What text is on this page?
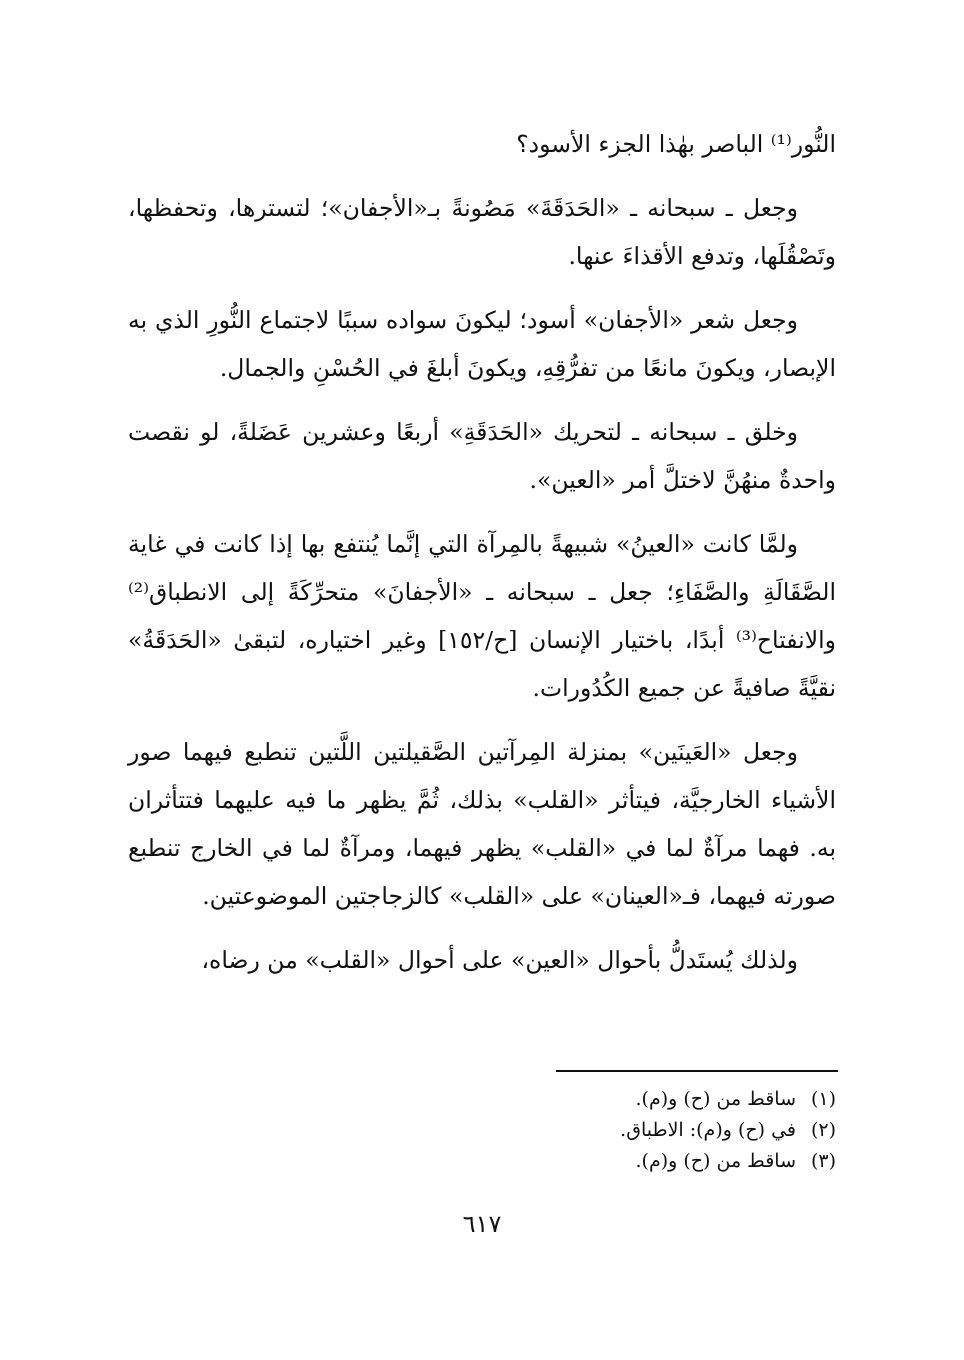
النُّور⁽¹⁾ الباصر بهٰذا الجزء الأسود؟

وجعل ـ سبحانه ـ «الحَدَقَةَ» مَصُونةً بـ«الأجفان»؛ لتسترها، وتحفظها، وتَصْقُلَها، وتدفع الأقذاءَ عنها.

وجعل شعر «الأجفان» أسود؛ ليكونَ سواده سببًا لاجتماع النُّورِ الذي به الإبصار، ويكونَ مانعًا من تفرُّقِهِ، ويكونَ أبلغَ في الحُسْنِ والجمال.

وخلق ـ سبحانه ـ لتحريك «الحَدَقَةِ» أربعًا وعشرين عَضَلةً، لو نقصت واحدةٌ منهُنَّ لاختلَّ أمر «العين».

ولمَّا كانت «العينُ» شبيهةً بالمِرآة التي إنَّما يُنتفع بها إذا كانت في غاية الصَّقَالَةِ والصَّفَاءِ؛ جعل ـ سبحانه ـ «الأجفانَ» متحرِّكَةً إلى الانطباق⁽²⁾ والانفتاح⁽³⁾ أبدًا، باختيار الإنسان [ح/١٥٢] وغير اختياره، لتبقىٰ «الحَدَقَةُ» نقيَّةً صافيةً عن جميع الكُدُورات.

وجعل «العَينَين» بمنزلة المِرآتين الصَّقيلتين اللَّتين تنطبع فيهما صور الأشياء الخارجيَّة، فيتأثر «القلب» بذلك، ثُمَّ يظهر ما فيه عليهما فتتأثران به. فهما مرآةٌ لما في «القلب» يظهر فيهما، ومرآةٌ لما في الخارج تنطبع صورته فيهما، فـ«العينان» على «القلب» كالزجاجتين الموضوعتين.

ولذلك يُستَدلُّ بأحوال «العين» على أحوال «القلب» من رضاه،

(١)ساقط من (ح) و(م).
(٢)في (ح) و(م): الاطباق.
(٣)ساقط من (ح) و(م).
٦١٧
